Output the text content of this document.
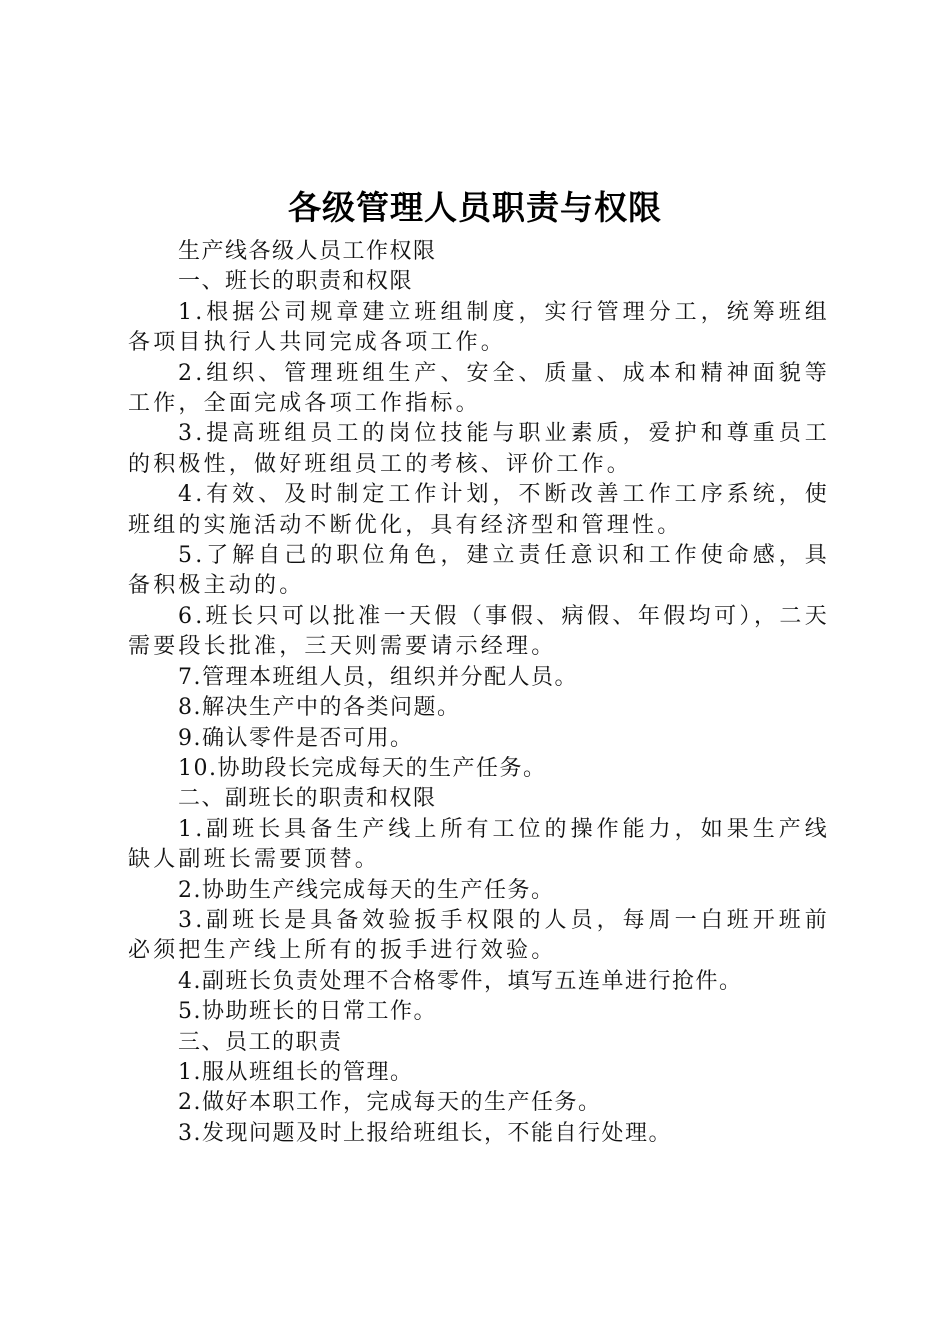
各级管理人员职责与权限

生产线各级人员工作权限

一、班长的职责和权限

1.根据公司规章建立班组制度，实行管理分工，统筹班组各项目执行人共同完成各项工作。

2.组织、管理班组生产、安全、质量、成本和精神面貌等工作，全面完成各项工作指标。

3.提高班组员工的岗位技能与职业素质，爱护和尊重员工的积极性，做好班组员工的考核、评价工作。

4.有效、及时制定工作计划，不断改善工作工序系统，使班组的实施活动不断优化，具有经济型和管理性。

5.了解自己的职位角色，建立责任意识和工作使命感，具备积极主动的。

6.班长只可以批准一天假（事假、病假、年假均可），二天需要段长批准，三天则需要请示经理。

7.管理本班组人员，组织并分配人员。

8.解决生产中的各类问题。

9.确认零件是否可用。

10.协助段长完成每天的生产任务。

二、副班长的职责和权限

1.副班长具备生产线上所有工位的操作能力，如果生产线缺人副班长需要顶替。

2.协助生产线完成每天的生产任务。

3.副班长是具备效验扳手权限的人员，每周一白班开班前必须把生产线上所有的扳手进行效验。

4.副班长负责处理不合格零件，填写五连单进行抢件。

5.协助班长的日常工作。

三、员工的职责

1.服从班组长的管理。

2.做好本职工作，完成每天的生产任务。

3.发现问题及时上报给班组长，不能自行处理。
